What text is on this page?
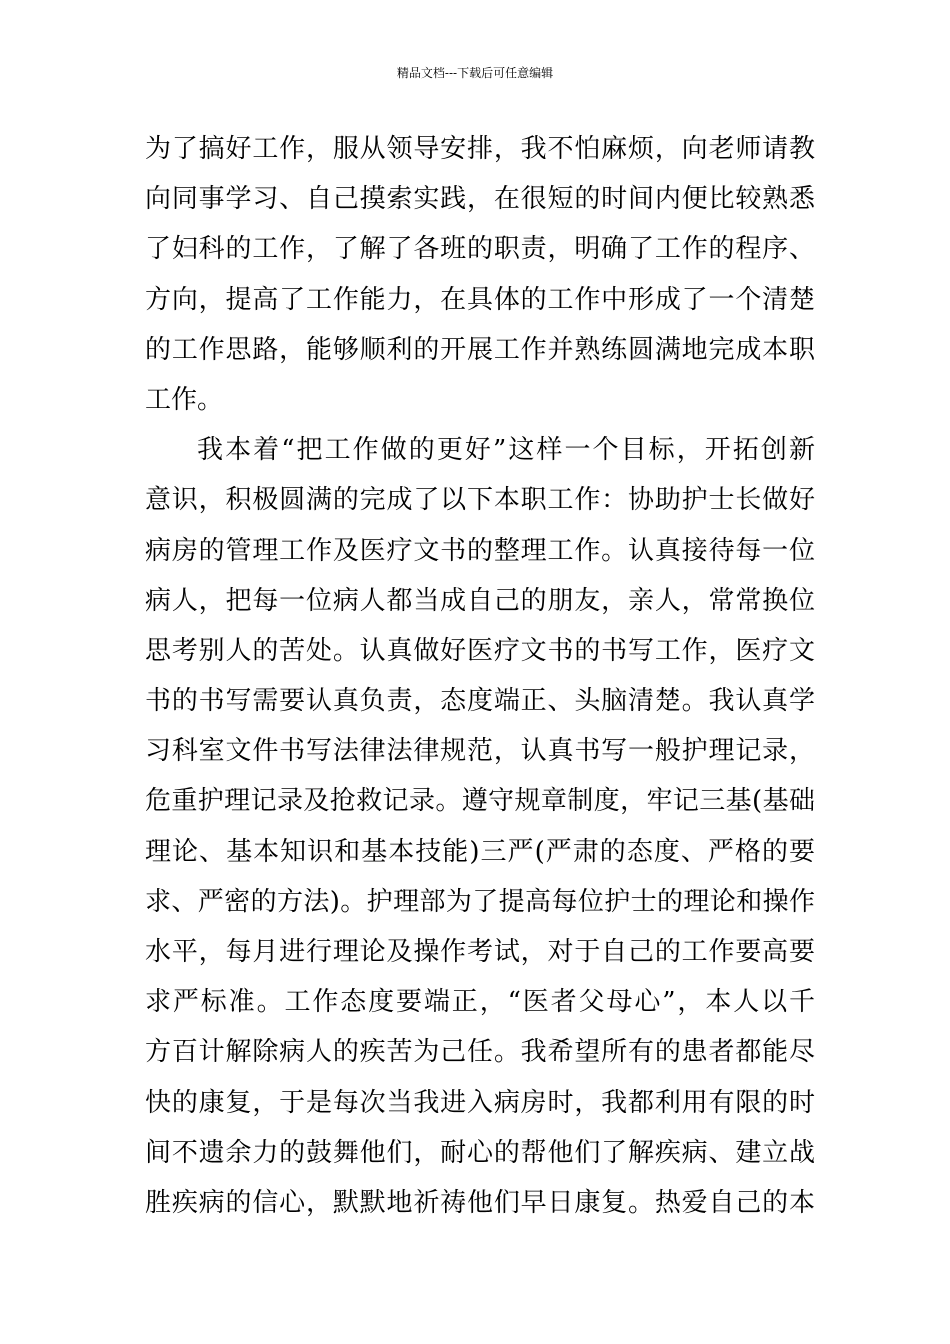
精品文档---下载后可任意编辑
为了搞好工作，服从领导安排，我不怕麻烦，向老师请教
向同事学习、自己摸索实践，在很短的时间内便比较熟悉
了妇科的工作，了解了各班的职责，明确了工作的程序、
方向，提高了工作能力，在具体的工作中形成了一个清楚
的工作思路，能够顺利的开展工作并熟练圆满地完成本职
工作。
我本着“把工作做的更好”这样一个目标，开拓创新
意识，积极圆满的完成了以下本职工作：协助护士长做好
病房的管理工作及医疗文书的整理工作。认真接待每一位
病人，把每一位病人都当成自己的朋友，亲人，常常换位
思考别人的苦处。认真做好医疗文书的书写工作，医疗文
书的书写需要认真负责，态度端正、头脑清楚。我认真学
习科室文件书写法律法律规范，认真书写一般护理记录，
危重护理记录及抢救记录。遵守规章制度，牢记三基(基础
理论、基本知识和基本技能)三严(严肃的态度、严格的要
求、严密的方法)。护理部为了提高每位护士的理论和操作
水平，每月进行理论及操作考试，对于自己的工作要高要
求严标准。工作态度要端正，“医者父母心”，本人以千
方百计解除病人的疾苦为己任。我希望所有的患者都能尽
快的康复，于是每次当我进入病房时，我都利用有限的时
间不遗余力的鼓舞他们，耐心的帮他们了解疾病、建立战
胜疾病的信心，默默地祈祷他们早日康复。热爱自己的本
